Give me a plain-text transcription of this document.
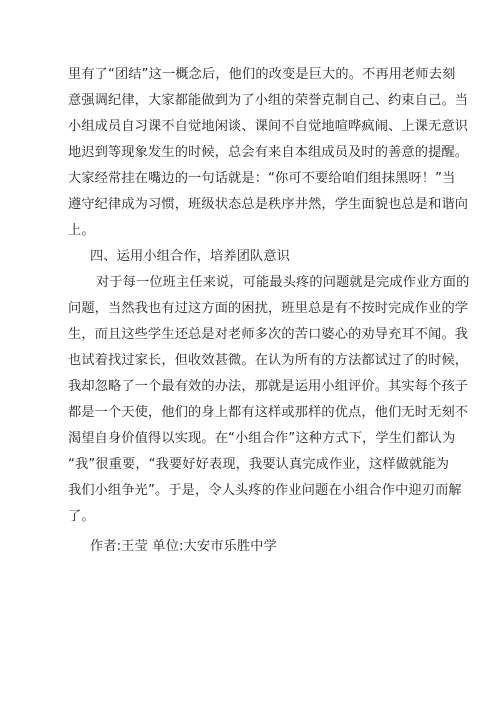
里有了“团结”这一概念后，他们的改变是巨大的。不再用老师去刻
意强调纪律，大家都能做到为了小组的荣誉克制自己、约束自己。当
小组成员自习课不自觉地闲谈、课间不自觉地喧哗疯闹、上课无意识
地迟到等现象发生的时候，总会有来自本组成员及时的善意的提醒。
大家经常挂在嘴边的一句话就是：“你可不要给咱们组抹黑呀！”当
遵守纪律成为习惯，班级状态总是秩序井然，学生面貌也总是和谐向
上。
四、运用小组合作，培养团队意识
对于每一位班主任来说，可能最头疼的问题就是完成作业方面的
问题，当然我也有过这方面的困扰，班里总是有不按时完成作业的学
生，而且这些学生还总是对老师多次的苦口婆心的劝导充耳不闻。我
也试着找过家长，但收效甚微。在认为所有的方法都试过了的时候，
我却忽略了一个最有效的办法，那就是运用小组评价。其实每个孩子
都是一个天使，他们的身上都有这样或那样的优点，他们无时无刻不
渴望自身价值得以实现。在“小组合作”这种方式下，学生们都认为
“我”很重要，“我要好好表现，我要认真完成作业，这样做就能为
我们小组争光”。于是，令人头疼的作业问题在小组合作中迎刃而解
了。
作者:王莹 单位:大安市乐胜中学
